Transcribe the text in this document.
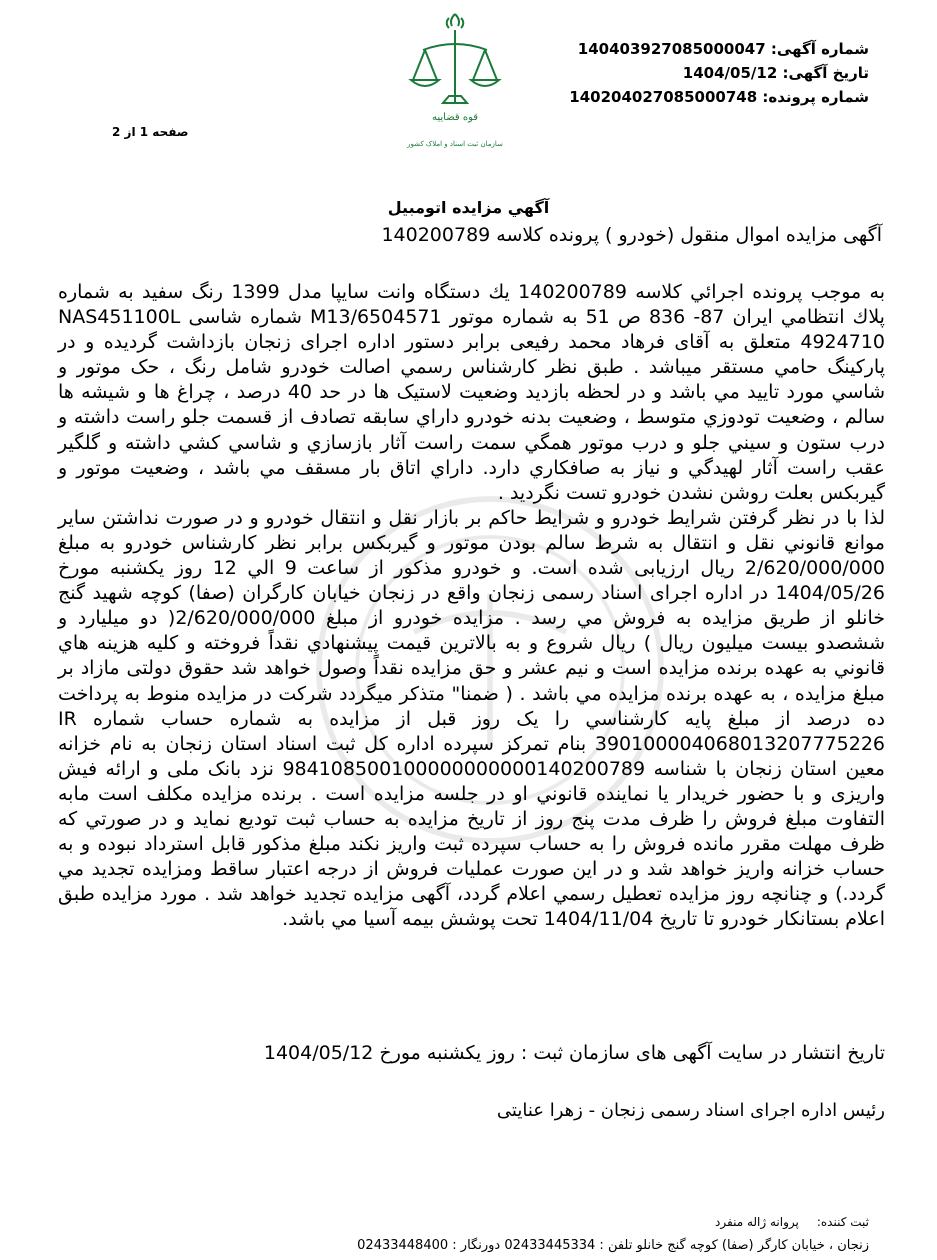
قوه قضاییه
سازمان ثبت اسناد و املاک کشور
شماره آگهی: 140403927085000047
تاریخ آگهی: 1404/05/12
شماره پرونده: 140204027085000748
صفحه 1 از 2
آگهي مزايده اتومبيل
آگهی مزایده اموال منقول (خودرو ) پرونده کلاسه 140200789

به موجب پرونده اجرائي كلاسه 140200789 يك دستگاه وانت سايپا مدل 1399 رنگ سفيد به شماره پلاك انتظامي ايران 87- 836 ص 51 به شماره موتور M13/6504571 شماره شاسی NAS451100L 4924710 متعلق به آقای فرهاد محمد رفیعی برابر دستور اداره اجرای زنجان بازداشت گردیده و در پاركينگ حامي مستقر ميباشد . طبق نظر كارشناس رسمي اصالت خودرو شامل رنگ ، حک موتور و شاسي مورد تاييد مي باشد و در لحظه بازديد وضعيت لاستيک ها در حد 40 درصد ، چراغ ها و شيشه ها سالم ، وضعيت تودوزي متوسط ، وضعيت بدنه خودرو داراي سابقه تصادف از قسمت جلو راست داشته و درب ستون و سيني جلو و درب موتور همگي سمت راست آثار بازسازي و شاسي کشي داشته و گلگير عقب راست آثار لهيدگي و نياز به صافكاري دارد. داراي اتاق بار مسقف مي باشد ، وضعيت موتور و گيربكس بعلت روشن نشدن خودرو تست نگرديد .

لذا با در نظر گرفتن شرايط خودرو و شرايط حاكم بر بازار نقل و انتقال خودرو و در صورت نداشتن ساير موانع قانوني نقل و انتقال به شرط سالم بودن موتور و گيربكس برابر نظر كارشناس خودرو به مبلغ 2/620/000/000 ريال ارزيابی شده است. و خودرو مذكور از ساعت 9 الي 12 روز يكشنبه مورخ 1404/05/26 در اداره اجرای اسناد رسمی زنجان واقع در زنجان خیابان کارگران (صفا) کوچه شهید گنج خانلو از طريق مزايده به فروش مي رسد . مزايده خودرو از مبلغ 2/620/000/000( دو ميليارد و ششصدو بيست ميليون ريال ) ريال شروع و به بالاترين قيمت پيشنهادي نقداً فروخته و كليه هزينه هاي قانوني به عهده برنده مزايده است و نيم عشر و حق مزايده نقداً وصول خواهد شد حقوق دولتی مازاد بر مبلغ مزايده ، به عهده برنده مزايده مي باشد . ( ضمنا" متذكر ميگردد شركت در مزايده منوط به پرداخت ده درصد از مبلغ پايه كارشناسي را يک روز قبل از مزايده به شماره حساب شماره IR 390100004068013207775226 بنام تمركز سپرده اداره كل ثبت اسناد استان زنجان به نام خزانه معين استان زنجان با شناسه 984108500100000000000140200789 نزد بانک ملی و ارائه فيش واريزی و با حضور خريدار يا نماينده قانوني او در جلسه مزايده است . برنده مزايده مکلف است مابه التفاوت مبلغ فروش را ظرف مدت پنج روز از تاريخ مزايده به حساب ثبت توديع نمايد و در صورتي كه ظرف مهلت مقرر مانده فروش را به حساب سپرده ثبت واريز نكند مبلغ مذكور قابل استرداد نبوده و به حساب خزانه واريز خواهد شد و در اين صورت عمليات فروش از درجه اعتبار ساقط ومزايده تجديد مي گردد.) و چنانچه روز مزايده تعطيل رسمي اعلام گردد، آگهی مزايده تجديد خواهد شد . مورد مزايده طبق اعلام بستانكار خودرو تا تاريخ 1404/11/04 تحت پوشش بيمه آسيا مي باشد.

تاریخ انتشار در سایت آگهی های سازمان ثبت : روز یکشنبه مورخ 1404/05/12
رئيس اداره اجرای اسناد رسمی زنجان - زهرا عنايتی
ثبت کننده:پروانه ژاله منفرد
زنجان ، خیابان کارگر (صفا) کوچه گنج خانلو تلفن : 02433445334 دورنگار : 02433448400
